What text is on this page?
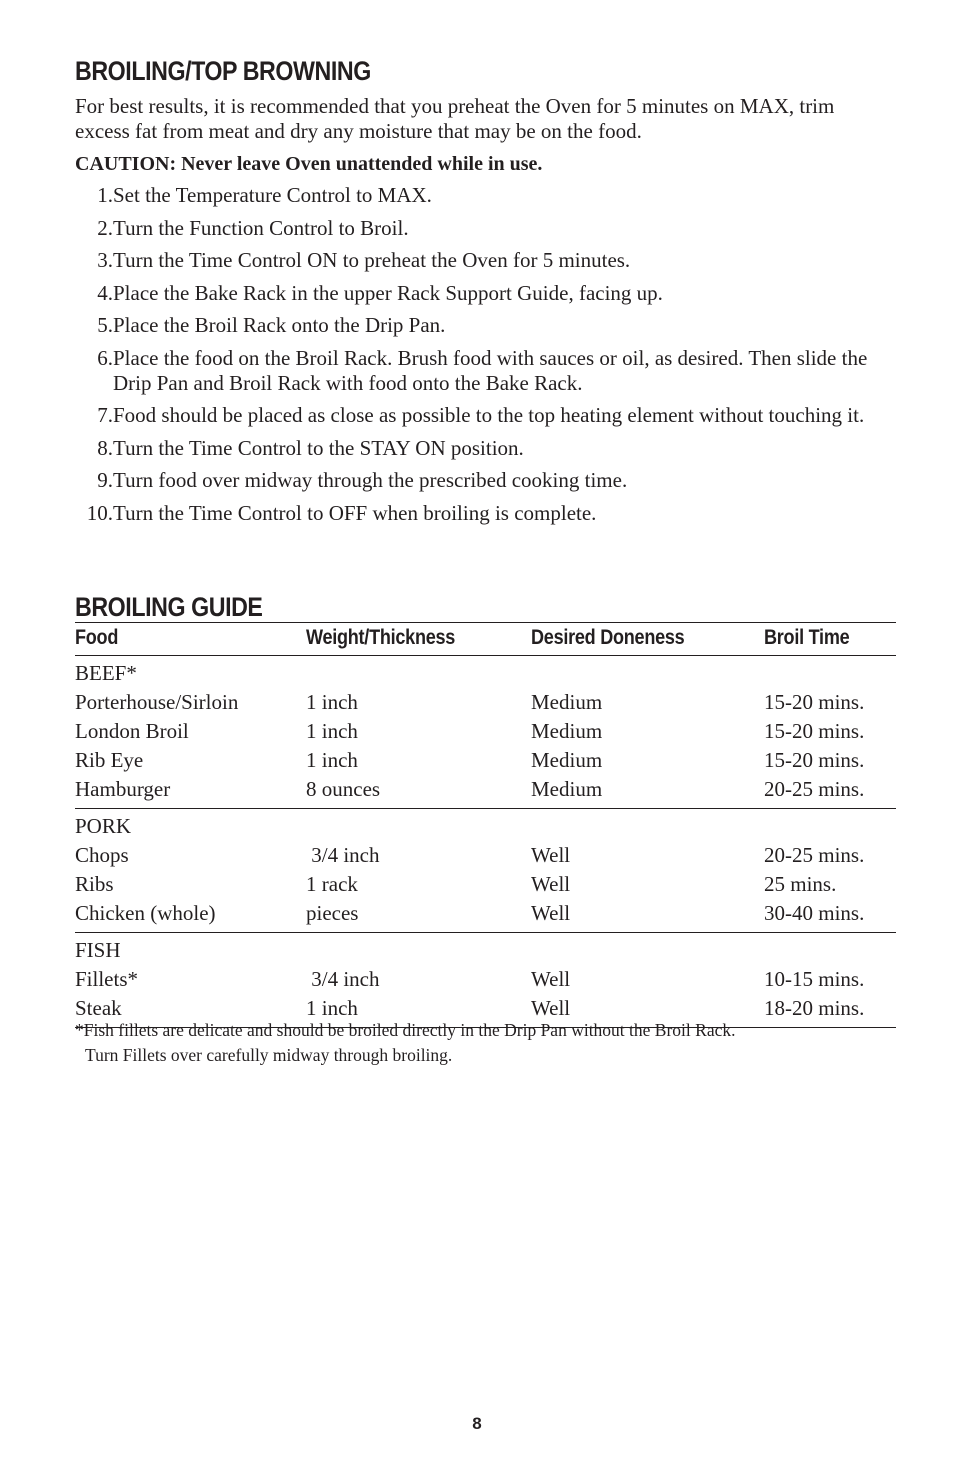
BROILING/TOP BROWNING

For best results, it is recommended that you preheat the Oven for 5 minutes on MAX, trim excess fat from meat and dry any moisture that may be on the food.

CAUTION: Never leave Oven unattended while in use.

1. Set the Temperature Control to MAX.
2. Turn the Function Control to Broil.
3. Turn the Time Control ON to preheat the Oven for 5 minutes.
4. Place the Bake Rack in the upper Rack Support Guide, facing up.
5. Place the Broil Rack onto the Drip Pan.
6. Place the food on the Broil Rack. Brush food with sauces or oil, as desired. Then slide the Drip Pan and Broil Rack with food onto the Bake Rack.
7. Food should be placed as close as possible to the top heating element without touching it.
8. Turn the Time Control to the STAY ON position.
9. Turn food over midway through the prescribed cooking time.
10. Turn the Time Control to OFF when broiling is complete.
BROILING GUIDE
Food	Weight/Thickness	Desired Doneness	Broil Time
BEEF*
Porterhouse/Sirloin	1 inch	Medium	15-20 mins.
London Broil	1 inch	Medium	15-20 mins.
Rib Eye	1 inch	Medium	15-20 mins.
Hamburger	8 ounces	Medium	20-25 mins.
PORK
Chops	3/4 inch	Well	20-25 mins.
Ribs	1 rack	Well	25 mins.
Chicken (whole)	pieces	Well	30-40 mins.
FISH
Fillets*	3/4 inch	Well	10-15 mins.
Steak	1 inch	Well	18-20 mins.

*Fish fillets are delicate and should be broiled directly in the Drip Pan without the Broil Rack.
Turn Fillets over carefully midway through broiling.

8
